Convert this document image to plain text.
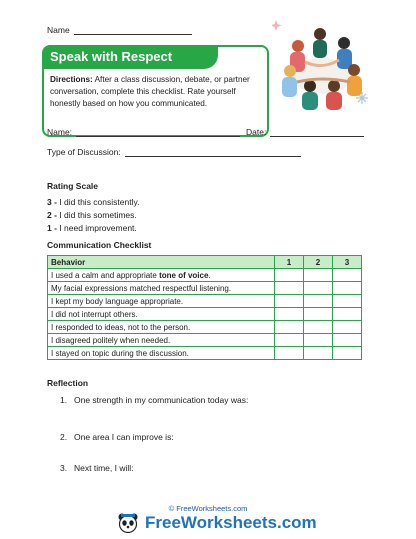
Name
Speak with Respect
Directions: After a class discussion, debate, or partner conversation, complete this checklist. Rate yourself honestly based on how you communicated.
Name:	Date:
Type of Discussion:
Rating Scale
3 - I did this consistently.
2 - I did this sometimes.
1 - I need improvement.
Communication Checklist
Behavior	1	2	3
I used a calm and appropriate tone of voice.			
My facial expressions matched respectful listening.			
I kept my body language appropriate.			
I did not interrupt others.			
I responded to ideas, not to the person.			
I disagreed politely when needed.			
I stayed on topic during the discussion.			
Reflection
1. One strength in my communication today was:
2. One area I can improve is:
3. Next time, I will:
© FreeWorksheets.com
FreeWorksheets.com
